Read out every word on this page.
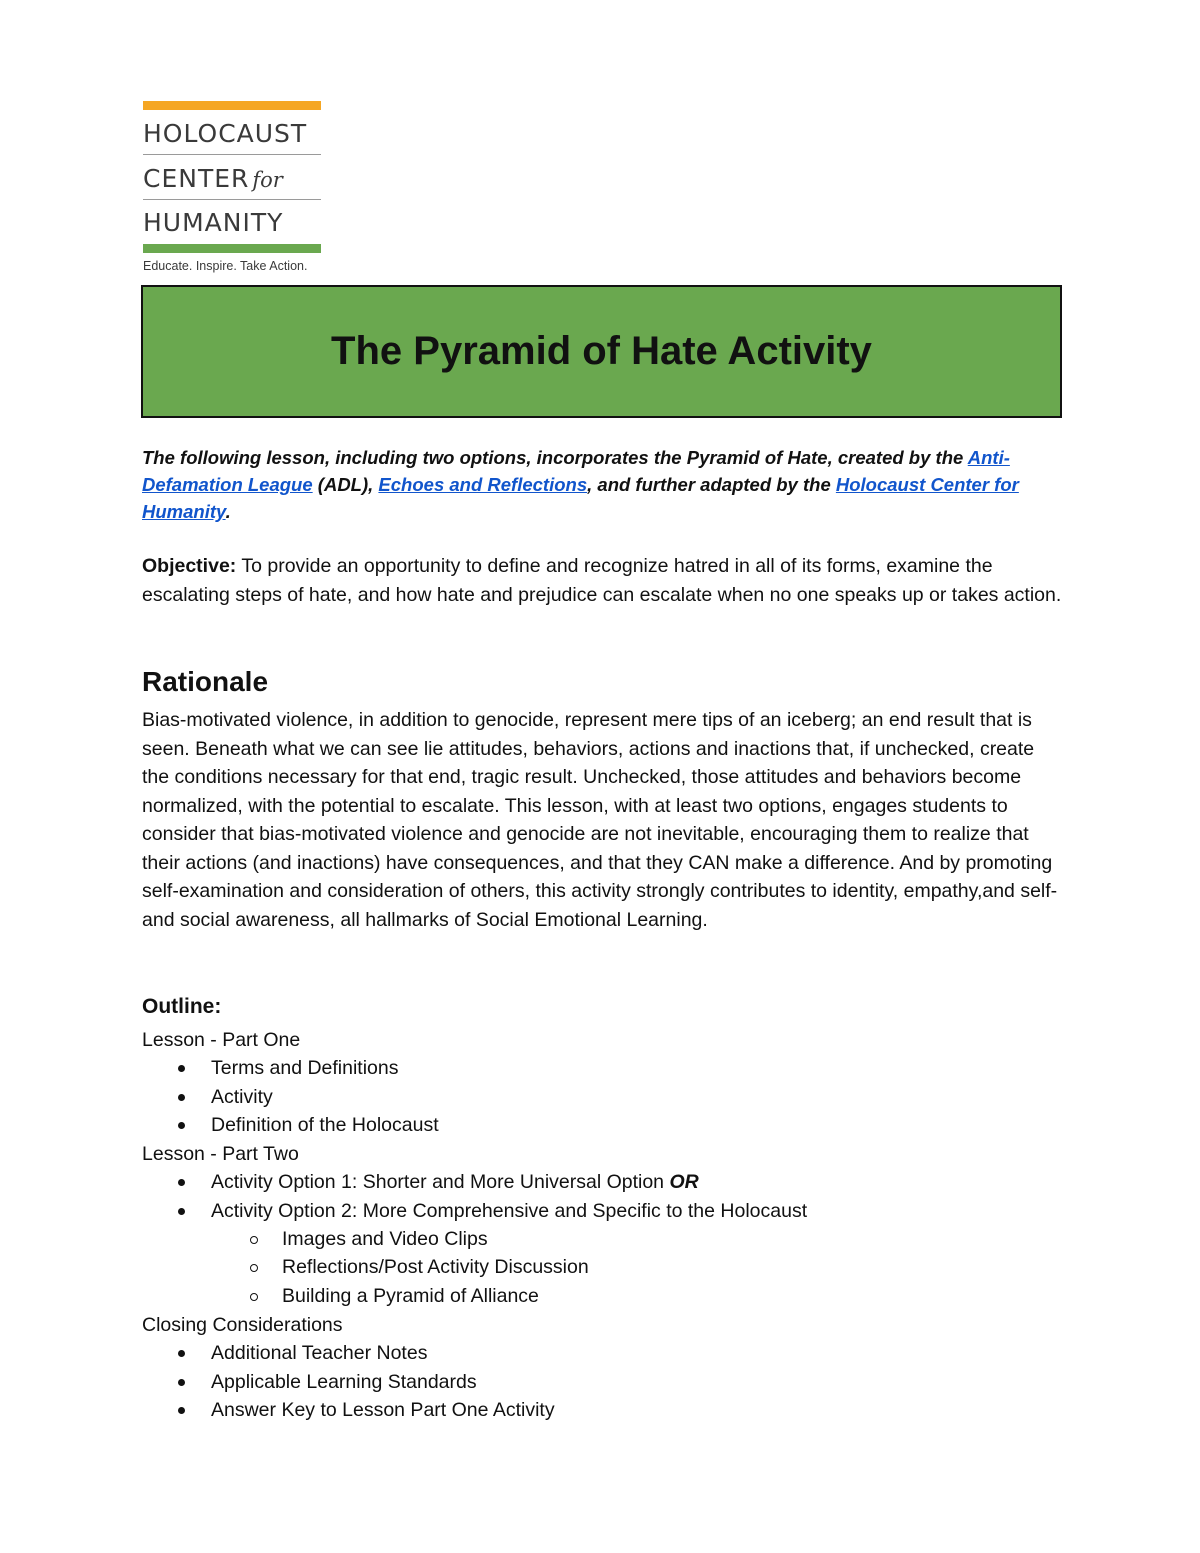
HOLOCAUST
CENTER for
HUMANITY
Educate. Inspire. Take Action.
The Pyramid of Hate Activity
The following lesson, including two options, incorporates the Pyramid of Hate, created by the Anti-Defamation League (ADL), Echoes and Reflections, and further adapted by the Holocaust Center for Humanity.
Objective: To provide an opportunity to define and recognize hatred in all of its forms, examine the escalating steps of hate, and how hate and prejudice can escalate when no one speaks up or takes action.
Rationale
Bias-motivated violence, in addition to genocide, represent mere tips of an iceberg; an end result that is seen. Beneath what we can see lie attitudes, behaviors, actions and inactions that, if unchecked, create the conditions necessary for that end, tragic result. Unchecked, those attitudes and behaviors become normalized, with the potential to escalate. This lesson, with at least two options, engages students to consider that bias-motivated violence and genocide are not inevitable, encouraging them to realize that their actions (and inactions) have consequences, and that they CAN make a difference. And by promoting self-examination and consideration of others, this activity strongly contributes to identity, empathy,and self- and social awareness, all hallmarks of Social Emotional Learning.
Outline:
Lesson - Part One
Terms and Definitions
Activity
Definition of the Holocaust
Lesson - Part Two
Activity Option 1: Shorter and More Universal Option OR
Activity Option 2: More Comprehensive and Specific to the Holocaust
Images and Video Clips
Reflections/Post Activity Discussion
Building a Pyramid of Alliance
Closing Considerations
Additional Teacher Notes
Applicable Learning Standards
Answer Key to Lesson Part One Activity
